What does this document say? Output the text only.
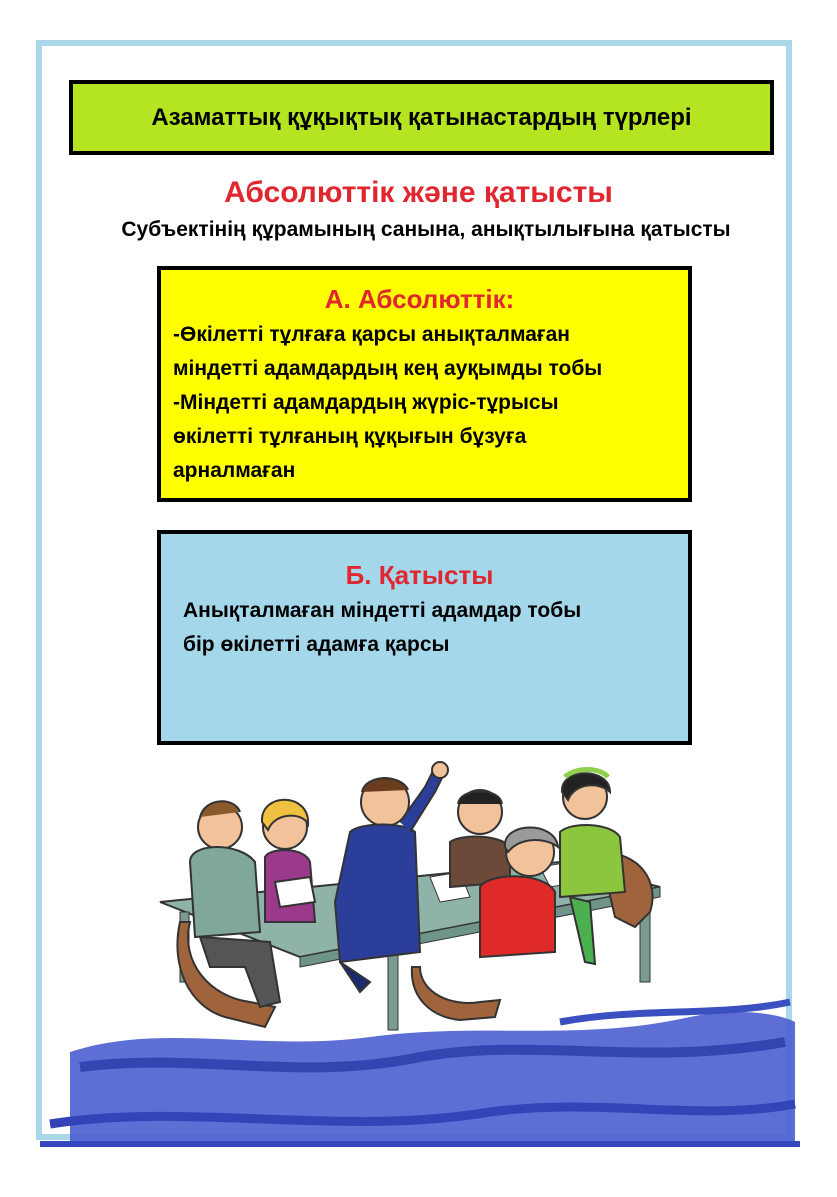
Азаматтық құқықтық қатынастардың түрлері
Абсолюттік және қатысты
Субъектінің құрамының санына, анықтылығына қатысты
А. Абсолюттік:
-Өкілетті тұлғаға қарсы анықталмаған
міндетті адамдардың кең ауқымды тобы
-Міндетті адамдардың жүріс-тұрысы
өкілетті тұлғаның құқығын бұзуға
арналмаған
Б. Қатысты
Анықталмаған міндетті адамдар тобы
бір өкілетті адамға қарсы
